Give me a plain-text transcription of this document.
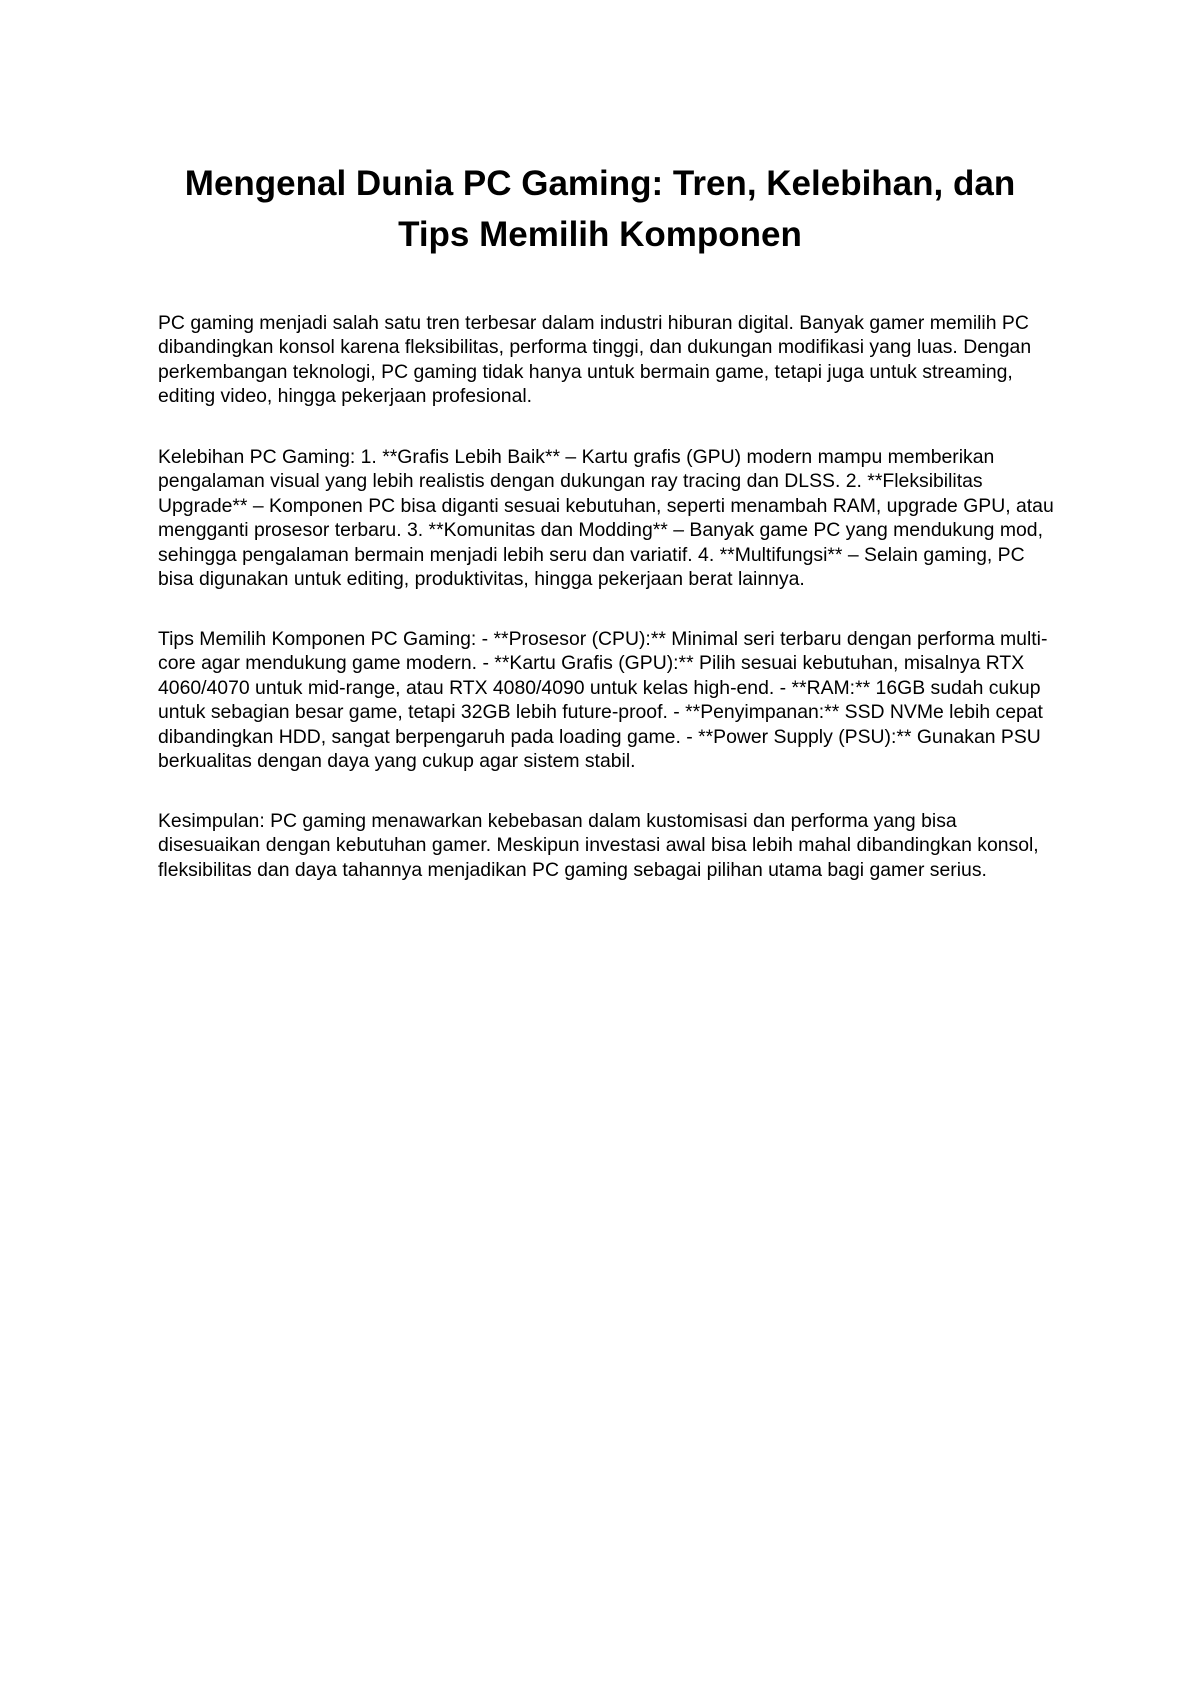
Mengenal Dunia PC Gaming: Tren, Kelebihan, dan Tips Memilih Komponen

PC gaming menjadi salah satu tren terbesar dalam industri hiburan digital. Banyak gamer memilih PC dibandingkan konsol karena fleksibilitas, performa tinggi, dan dukungan modifikasi yang luas. Dengan perkembangan teknologi, PC gaming tidak hanya untuk bermain game, tetapi juga untuk streaming, editing video, hingga pekerjaan profesional.

Kelebihan PC Gaming: 1. **Grafis Lebih Baik** – Kartu grafis (GPU) modern mampu memberikan pengalaman visual yang lebih realistis dengan dukungan ray tracing dan DLSS. 2. **Fleksibilitas Upgrade** – Komponen PC bisa diganti sesuai kebutuhan, seperti menambah RAM, upgrade GPU, atau mengganti prosesor terbaru. 3. **Komunitas dan Modding** – Banyak game PC yang mendukung mod, sehingga pengalaman bermain menjadi lebih seru dan variatif. 4. **Multifungsi** – Selain gaming, PC bisa digunakan untuk editing, produktivitas, hingga pekerjaan berat lainnya.

Tips Memilih Komponen PC Gaming: - **Prosesor (CPU):** Minimal seri terbaru dengan performa multi-core agar mendukung game modern. - **Kartu Grafis (GPU):** Pilih sesuai kebutuhan, misalnya RTX 4060/4070 untuk mid-range, atau RTX 4080/4090 untuk kelas high-end. - **RAM:** 16GB sudah cukup untuk sebagian besar game, tetapi 32GB lebih future-proof. - **Penyimpanan:** SSD NVMe lebih cepat dibandingkan HDD, sangat berpengaruh pada loading game. - **Power Supply (PSU):** Gunakan PSU berkualitas dengan daya yang cukup agar sistem stabil.

Kesimpulan: PC gaming menawarkan kebebasan dalam kustomisasi dan performa yang bisa disesuaikan dengan kebutuhan gamer. Meskipun investasi awal bisa lebih mahal dibandingkan konsol, fleksibilitas dan daya tahannya menjadikan PC gaming sebagai pilihan utama bagi gamer serius.
